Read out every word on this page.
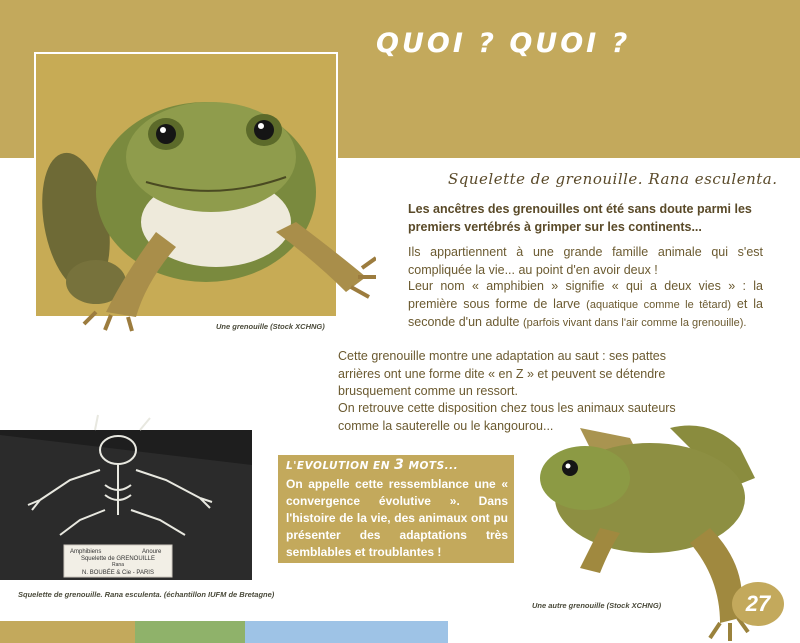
QUOI ? QUOI ?
Une grenouille (Stock XCHNG)
Squelette de grenouille. Rana esculenta.
Les ancêtres des grenouilles ont été sans doute parmi les premiers vertébrés à grimper sur les continents...
Ils appartiennent à une grande famille animale qui s'est compliquée la vie... au point d'en avoir deux !
Leur nom « amphibien » signifie « qui a deux vies » : la première sous forme de larve (aquatique comme le têtard) et la seconde d'un adulte (parfois vivant dans l'air comme la grenouille).
Cette grenouille montre une adaptation au saut : ses pattes arrières ont une forme dite « en Z » et peuvent se détendre brusquement comme un ressort.
On retrouve cette disposition chez tous les animaux sauteurs comme la sauterelle ou le kangourou...
Amphibiens	Anoure
Squelette de GRENOUILLE
Rana
N. BOUBÉE & Cie - PARIS
Squelette de grenouille. Rana esculenta. (échantillon IUFM de Bretagne)
L'EVOLUTION EN 3 MOTS...
On appelle cette ressemblance une « convergence évolutive ». Dans l'histoire de la vie, des animaux ont pu présenter des adaptations très semblables et troublantes !
Une autre grenouille (Stock XCHNG)	27
